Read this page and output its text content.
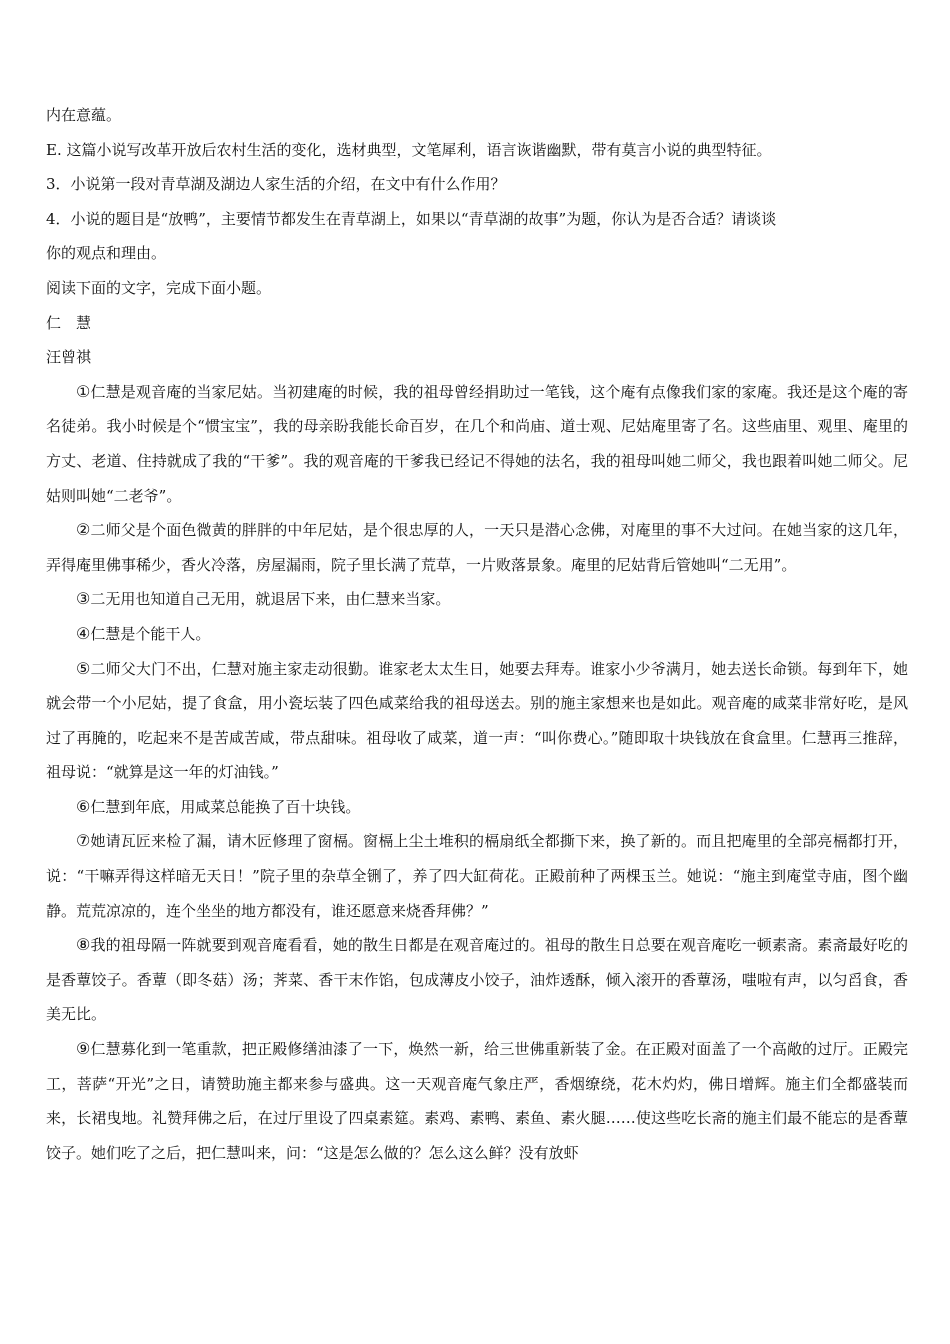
内在意蕴。

E. 这篇小说写改革开放后农村生活的变化，选材典型，文笔犀利，语言诙谐幽默，带有莫言小说的典型特征。

3．小说第一段对青草湖及湖边人家生活的介绍，在文中有什么作用？

4．小说的题目是“放鸭”，主要情节都发生在青草湖上，如果以“青草湖的故事”为题，你认为是否合适？请谈谈

你的观点和理由。

阅读下面的文字，完成下面小题。

仁　慧

汪曾祺

①仁慧是观音庵的当家尼姑。当初建庵的时候，我的祖母曾经捐助过一笔钱，这个庵有点像我们家的家庵。我还是这个庵的寄名徒弟。我小时候是个“惯宝宝”，我的母亲盼我能长命百岁，在几个和尚庙、道士观、尼姑庵里寄了名。这些庙里、观里、庵里的方丈、老道、住持就成了我的“干爹”。我的观音庵的干爹我已经记不得她的法名，我的祖母叫她二师父，我也跟着叫她二师父。尼姑则叫她“二老爷”。

②二师父是个面色微黄的胖胖的中年尼姑，是个很忠厚的人，一天只是潜心念佛，对庵里的事不大过问。在她当家的这几年，弄得庵里佛事稀少，香火冷落，房屋漏雨，院子里长满了荒草，一片败落景象。庵里的尼姑背后管她叫“二无用”。

③二无用也知道自己无用，就退居下来，由仁慧来当家。

④仁慧是个能干人。

⑤二师父大门不出，仁慧对施主家走动很勤。谁家老太太生日，她要去拜寿。谁家小少爷满月，她去送长命锁。每到年下，她就会带一个小尼姑，提了食盒，用小瓷坛装了四色咸菜给我的祖母送去。别的施主家想来也是如此。观音庵的咸菜非常好吃，是风过了再腌的，吃起来不是苦咸苦咸，带点甜味。祖母收了咸菜，道一声：“叫你费心。”随即取十块钱放在食盒里。仁慧再三推辞，祖母说：“就算是这一年的灯油钱。”

⑥仁慧到年底，用咸菜总能换了百十块钱。

⑦她请瓦匠来检了漏，请木匠修理了窗槅。窗槅上尘土堆积的槅扇纸全都撕下来，换了新的。而且把庵里的全部亮槅都打开，说：“干嘛弄得这样暗无天日！”院子里的杂草全铏了，养了四大缸荷花。正殿前种了两棵玉兰。她说：“施主到庵堂寺庙，图个幽静。荒荒凉凉的，连个坐坐的地方都没有，谁还愿意来烧香拜佛？”

⑧我的祖母隔一阵就要到观音庵看看，她的散生日都是在观音庵过的。祖母的散生日总要在观音庵吃一顿素斋。素斋最好吃的是香蕈饺子。香蕈（即冬菇）汤；荠菜、香干末作馅，包成薄皮小饺子，油炸透酥，倾入滚开的香蕈汤，嗤啦有声，以匀舀食，香美无比。

⑨仁慧募化到一笔重款，把正殿修缮油漆了一下，焕然一新，给三世佛重新装了金。在正殿对面盖了一个高敞的过厅。正殿完工，菩萨“开光”之日，请赞助施主都来参与盛典。这一天观音庵气象庄严，香烟缭绕，花木灼灼，佛日增辉。施主们全都盛装而来，长裙曳地。礼赞拜佛之后，在过厅里设了四桌素筵。素鸡、素鸭、素鱼、素火腿……使这些吃长斋的施主们最不能忘的是香蕈饺子。她们吃了之后，把仁慧叫来，问：“这是怎么做的？怎么这么鲜？没有放虾
